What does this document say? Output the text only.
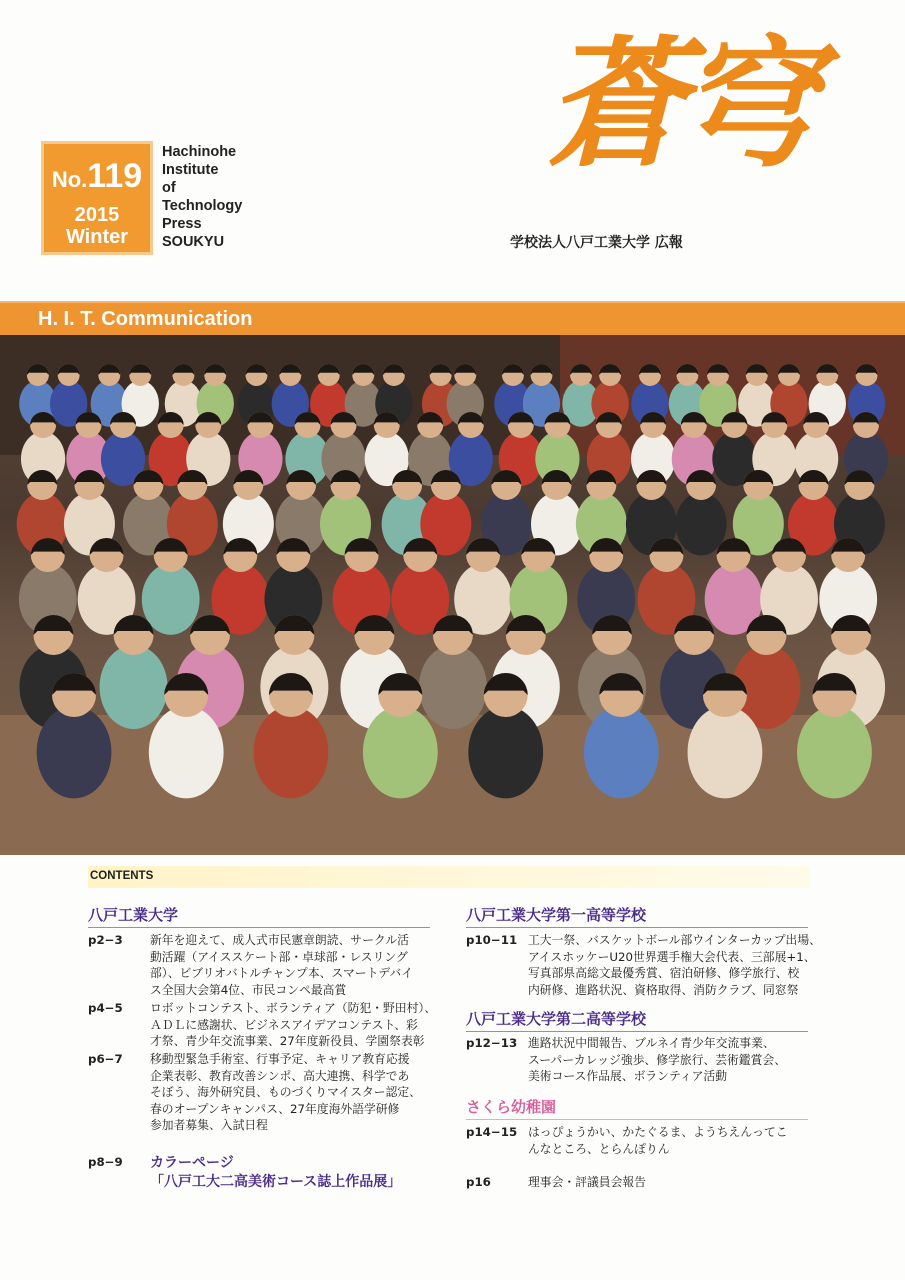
No.119
2015
Winter
Hachinohe
Institute
of
Technology
Press
SOUKYU
蒼穹
学校法人八戸工業大学 広報
H. I. T. Communication
CONTENTS
八戸工業大学
p2−3	新年を迎えて、成人式市民憲章朗読、サークル活
動活躍（アイススケート部・卓球部・レスリング
部）、ビブリオバトルチャンプ本、スマートデバイ
ス全国大会第4位、市民コンペ最高賞
p4−5	ロボットコンテスト、ボランティア（防犯・野田村）、
ＡＤＬに感謝状、ビジネスアイデアコンテスト、彩
才祭、青少年交流事業、27年度新役員、学園祭表彰
p6−7	移動型緊急手術室、行事予定、キャリア教育応援
企業表彰、教育改善シンポ、高大連携、科学であ
そぼう、海外研究員、ものづくりマイスター認定、
春のオープンキャンパス、27年度海外語学研修
参加者募集、入試日程
p8−9	カラーページ
「八戸工大二高美術コース誌上作品展」
八戸工業大学第一高等学校
p10−11 工大一祭、バスケットボール部ウインターカップ出場、
アイスホッケーU20世界選手権大会代表、三部展+1、
写真部県高総文最優秀賞、宿泊研修、修学旅行、校
内研修、進路状況、資格取得、消防クラブ、同窓祭
八戸工業大学第二高等学校
p12−13 進路状況中間報告、ブルネイ青少年交流事業、
スーパーカレッジ強歩、修学旅行、芸術鑑賞会、
美術コース作品展、ボランティア活動
さくら幼稚園
p14−15 はっぴょうかい、かたぐるま、ようちえんってこ
んなところ、とらんぽりん
p16	理事会・評議員会報告
